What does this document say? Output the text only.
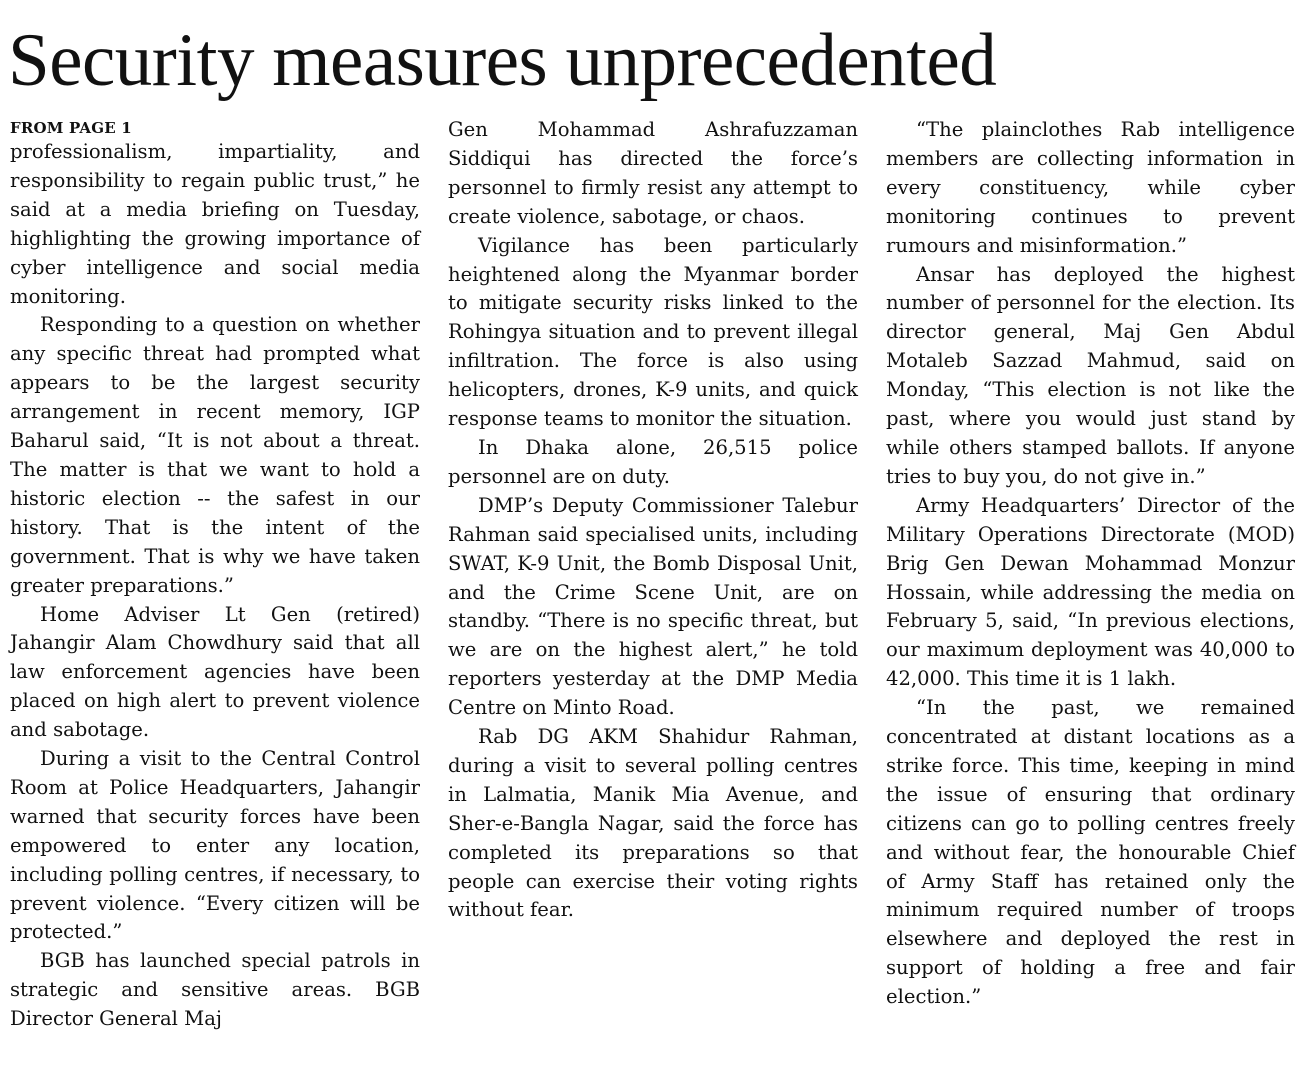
Security measures unprecedented
FROM PAGE 1

professionalism, impartiality, and responsibility to regain public trust,” he said at a media briefing on Tuesday, highlighting the growing importance of cyber intelligence and social media monitoring.

Responding to a question on whether any specific threat had prompted what appears to be the largest security arrangement in recent memory, IGP Baharul said, “It is not about a threat. The matter is that we want to hold a historic election -- the safest in our history. That is the intent of the government. That is why we have taken greater preparations.”

Home Adviser Lt Gen (retired) Jahangir Alam Chowdhury said that all law enforcement agencies have been placed on high alert to prevent violence and sabotage.

During a visit to the Central Control Room at Police Headquarters, Jahangir warned that security forces have been empowered to enter any location, including polling centres, if necessary, to prevent violence. “Every citizen will be protected.”

BGB has launched special patrols in strategic and sensitive areas. BGB Director General Maj

Gen Mohammad Ashrafuzzaman Siddiqui has directed the force’s personnel to firmly resist any attempt to create violence, sabotage, or chaos.

Vigilance has been particularly heightened along the Myanmar border to mitigate security risks linked to the Rohingya situation and to prevent illegal infiltration. The force is also using helicopters, drones, K-9 units, and quick response teams to monitor the situation.

In Dhaka alone, 26,515 police personnel are on duty.

DMP’s Deputy Commissioner Talebur Rahman said specialised units, including SWAT, K-9 Unit, the Bomb Disposal Unit, and the Crime Scene Unit, are on standby. “There is no specific threat, but we are on the highest alert,” he told reporters yesterday at the DMP Media Centre on Minto Road.

Rab DG AKM Shahidur Rahman, during a visit to several polling centres in Lalmatia, Manik Mia Avenue, and Sher-e-Bangla Nagar, said the force has completed its preparations so that people can exercise their voting rights without fear.

“The plainclothes Rab intelligence members are collecting information in every constituency, while cyber monitoring continues to prevent rumours and misinformation.”

Ansar has deployed the highest number of personnel for the election. Its director general, Maj Gen Abdul Motaleb Sazzad Mahmud, said on Monday, “This election is not like the past, where you would just stand by while others stamped ballots. If anyone tries to buy you, do not give in.”

Army Headquarters’ Director of the Military Operations Directorate (MOD) Brig Gen Dewan Mohammad Monzur Hossain, while addressing the media on February 5, said, “In previous elections, our maximum deployment was 40,000 to 42,000. This time it is 1 lakh.

“In the past, we remained concentrated at distant locations as a strike force. This time, keeping in mind the issue of ensuring that ordinary citizens can go to polling centres freely and without fear, the honourable Chief of Army Staff has retained only the minimum required number of troops elsewhere and deployed the rest in support of holding a free and fair election.”
